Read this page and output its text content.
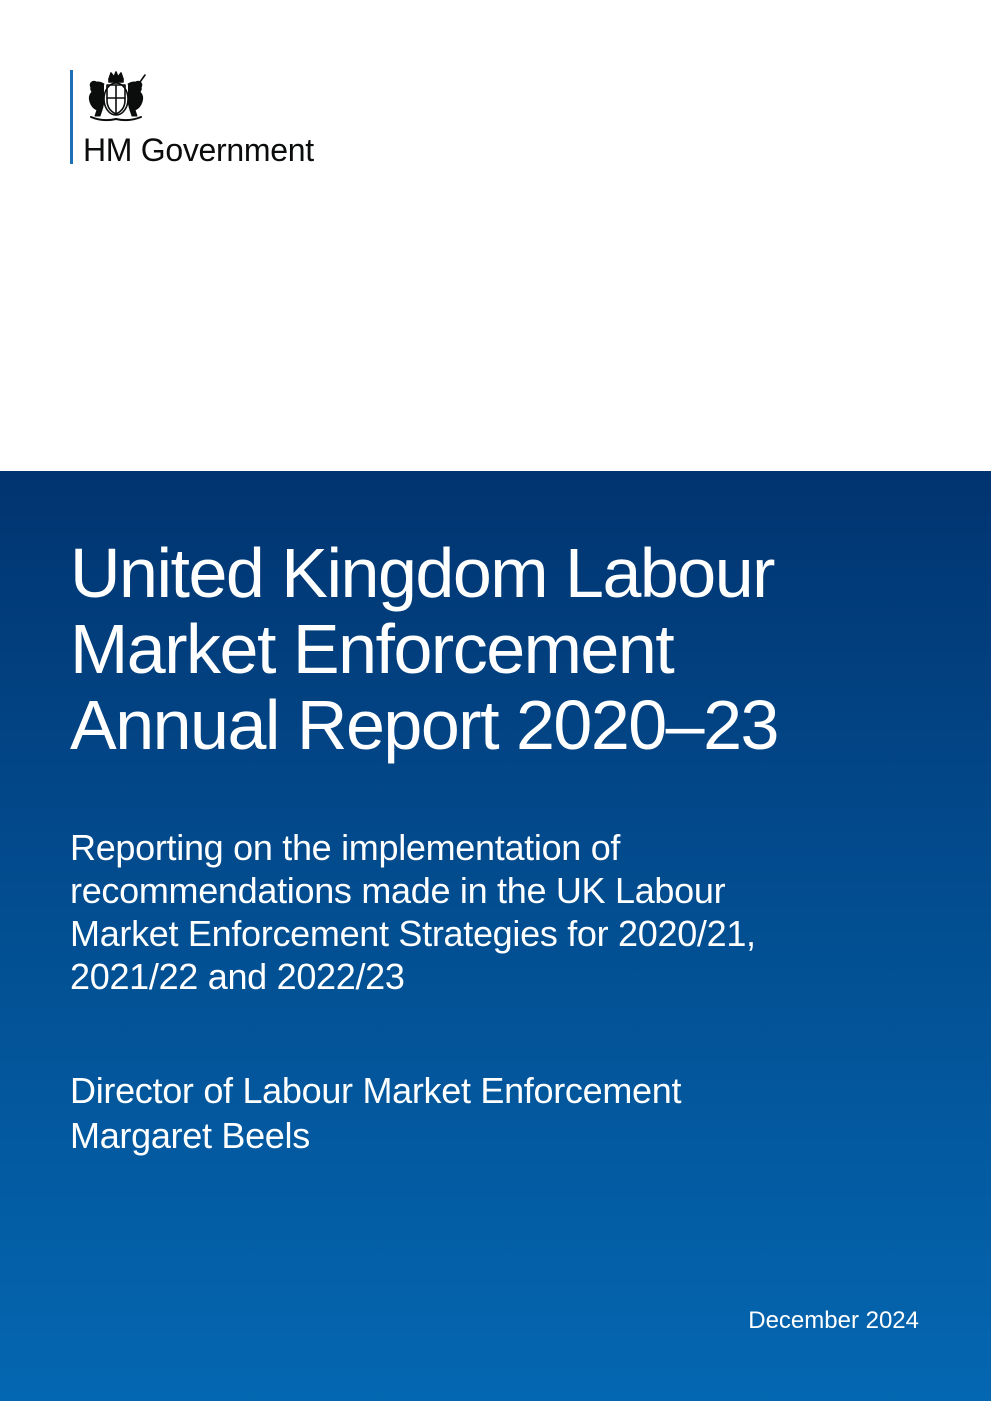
HM Government
United Kingdom Labour
Market Enforcement
Annual Report 2020–23

Reporting on the implementation of
recommendations made in the UK Labour
Market Enforcement Strategies for 2020/21,
2021/22 and 2022/23

Director of Labour Market Enforcement
Margaret Beels

December 2024
